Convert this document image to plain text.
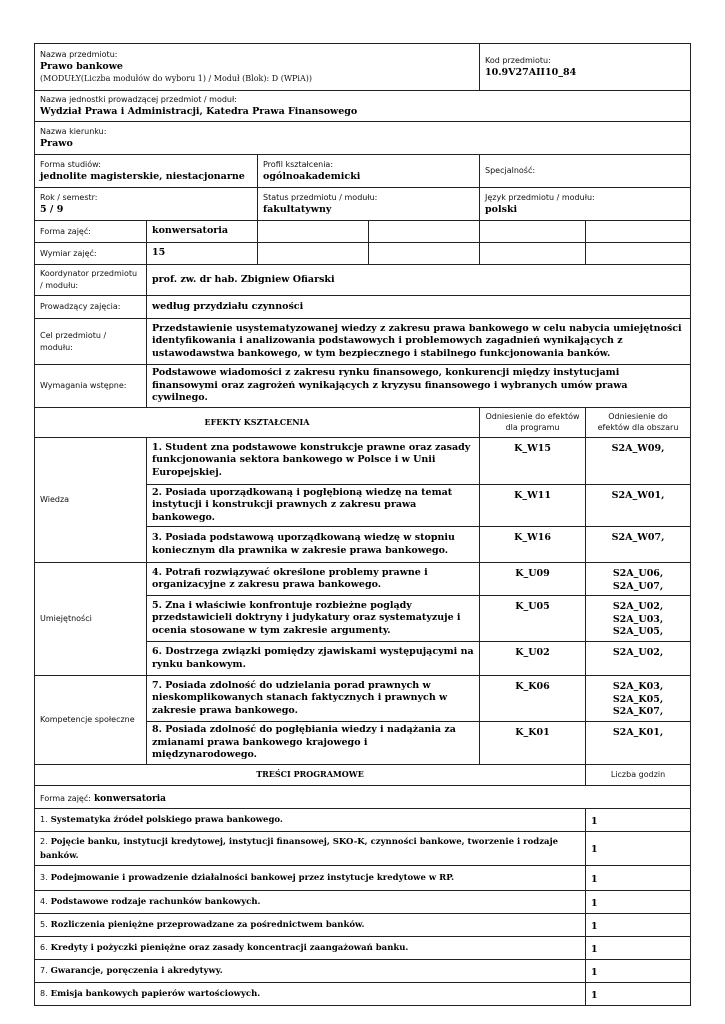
Nazwa przedmiotu:
Prawo bankowe
(MODUŁY(Liczba modułów do wyboru 1) / Moduł (Blok): D (WPiA))				Kod przedmiotu:
10.9V27AII10_84	

Nazwa jednostki prowadzącej przedmiot / moduł:
Wydział Prawa i Administracji, Katedra Prawa Finansowego					

Nazwa kierunku:
Prawo					

Forma studiów:
jednolite magisterskie, niestacjonarne		Profil kształcenia:
ogólnoakademicki		Specjalność:	

Rok / semestr:
5 / 9		Status przedmiotu / modułu:
fakultatywny		Język przedmiotu / modułu:
polski	

Forma zajęć:	konwersatoria				

Wymiar zajęć:	15				

Koordynator przedmiotu / modułu:	prof. zw. dr hab. Zbigniew Ofiarski				

Prowadzący zajęcia:	według przydziału czynności				

Cel przedmiotu / modułu:	Przedstawienie usystematyzowanej wiedzy z zakresu prawa bankowego w celu nabycia umiejętności identyfikowania i analizowania podstawowych i problemowych zagadnień wynikających z ustawodawstwa bankowego, w tym bezpiecznego i stabilnego funkcjonowania banków.				

Wymagania wstępne:	Podstawowe wiadomości z zakresu rynku finansowego, konkurencji między instytucjami finansowymi oraz zagrożeń wynikających z kryzysu finansowego i wybranych umów prawa cywilnego.				

EFEKTY KSZTAŁCENIA				Odniesienie do efektów dla programu	Odniesienie do efektów dla obszaru

Wiedza	1. Student zna podstawowe konstrukcje prawne oraz zasady funkcjonowania sektora bankowego w Polsce i w Unii Europejskiej.			K_W15	S2A_W09,

	2. Posiada uporządkowaną i pogłębioną wiedzę na temat instytucji i konstrukcji prawnych z zakresu prawa bankowego.			K_W11	S2A_W01,

	3. Posiada podstawową uporządkowaną wiedzę w stopniu koniecznym dla prawnika w zakresie prawa bankowego.			K_W16	S2A_W07,

Umiejętności	4. Potrafi rozwiązywać określone problemy prawne i organizacyjne z zakresu prawa bankowego.			K_U09	S2A_U06,
S2A_U07,

	5. Zna i właściwie konfrontuje rozbieżne poglądy przedstawicieli doktryny i judykatury oraz systematyzuje i ocenia stosowane w tym zakresie argumenty.			K_U05	S2A_U02,
S2A_U03,
S2A_U05,

	6. Dostrzega związki pomiędzy zjawiskami występującymi na rynku bankowym.			K_U02	S2A_U02,

Kompetencje społeczne	7. Posiada zdolność do udzielania porad prawnych w nieskomplikowanych stanach faktycznych i prawnych w zakresie prawa bankowego.			K_K06	S2A_K03,
S2A_K05,
S2A_K07,

	8. Posiada zdolność do pogłębiania wiedzy i nadążania za zmianami prawa bankowego krajowego i międzynarodowego.			K_K01	S2A_K01,

TREŚCI PROGRAMOWE					Liczba godzin

Forma zajęć: konwersatoria					
1. Systematyka źródeł polskiego prawa bankowego.					1
2. Pojęcie banku, instytucji kredytowej, instytucji finansowej, SKO-K, czynności bankowe, tworzenie i rodzaje banków.					1
3. Podejmowanie i prowadzenie działalności bankowej przez instytucje kredytowe w RP.					1
4. Podstawowe rodzaje rachunków bankowych.					1
5. Rozliczenia pieniężne przeprowadzane za pośrednictwem banków.					1
6. Kredyty i pożyczki pieniężne oraz zasady koncentracji zaangażowań banku.					1
7. Gwarancje, poręczenia i akredytywy.					1
8. Emisja bankowych papierów wartościowych.					1
